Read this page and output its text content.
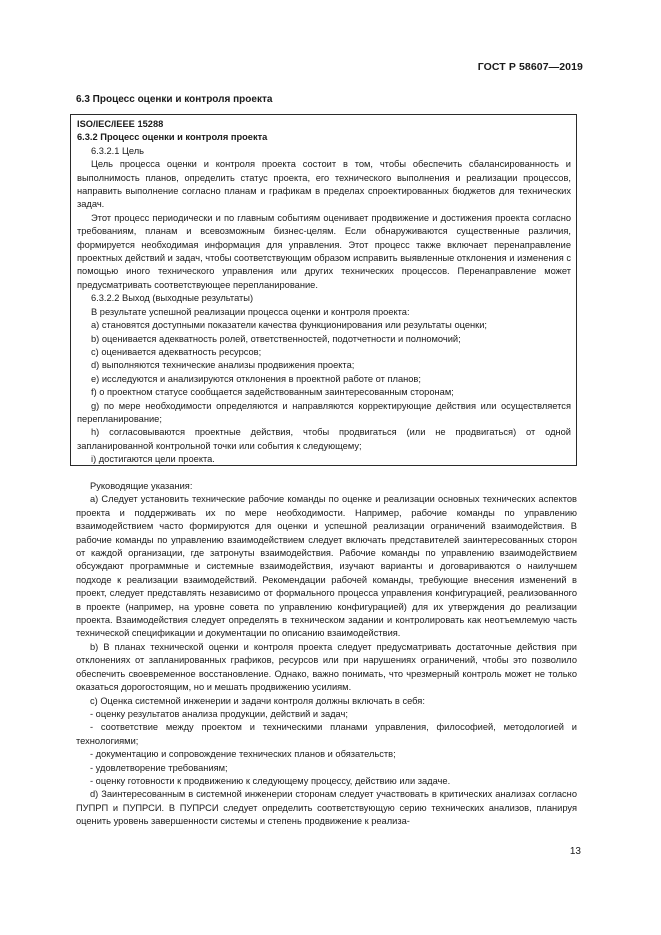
ГОСТ Р 58607—2019
6.3 Процесс оценки и контроля проекта

ISO/IEC/IEEE 15288

6.3.2 Процесс оценки и контроля проекта

6.3.2.1 Цель

Цель процесса оценки и контроля проекта состоит в том, чтобы обеспечить сбалансированность и выполнимость планов, определить статус проекта, его технического выполнения и реализации процессов, направить выполнение согласно планам и графикам в пределах спроектированных бюджетов для технических задач.

Этот процесс периодически и по главным событиям оценивает продвижение и достижения проекта согласно требованиям, планам и всевозможным бизнес-целям. Если обнаруживаются существенные различия, формируется необходимая информация для управления. Этот процесс также включает перенаправление проектных действий и задач, чтобы соответствующим образом исправить выявленные отклонения и изменения с помощью иного технического управления или других технических процессов. Перенаправление может предусматривать соответствующее перепланирование.

6.3.2.2 Выход (выходные результаты)

В результате успешной реализации процесса оценки и контроля проекта:

a) становятся доступными показатели качества функционирования или результаты оценки;

b) оценивается адекватность ролей, ответственностей, подотчетности и полномочий;

c) оценивается адекватность ресурсов;

d) выполняются технические анализы продвижения проекта;

e) исследуются и анализируются отклонения в проектной работе от планов;

f) о проектном статусе сообщается задействованным заинтересованным сторонам;

g) по мере необходимости определяются и направляются корректирующие действия или осуществляется перепланирование;

h) согласовываются проектные действия, чтобы продвигаться (или не продвигаться) от одной запланированной контрольной точки или события к следующему;

i) достигаются цели проекта.

Руководящие указания:

а) Следует установить технические рабочие команды по оценке и реализации основных технических аспектов проекта и поддерживать их по мере необходимости. Например, рабочие команды по управлению взаимодействием часто формируются для оценки и успешной реализации ограничений взаимодействия. В рабочие команды по управлению взаимодействием следует включать представителей заинтересованных сторон от каждой организации, где затронуты взаимодействия. Рабочие команды по управлению взаимодействием обсуждают программные и системные взаимодействия, изучают варианты и договариваются о наилучшем подходе к реализации взаимодействий. Рекомендации рабочей команды, требующие внесения изменений в проект, следует представлять независимо от формального процесса управления конфигурацией, реализованного в проекте (например, на уровне совета по управлению конфигурацией) для их утверждения до реализации проекта. Взаимодействия следует определять в техническом задании и контролировать как неотъемлемую часть технической спецификации и документации по описанию взаимодействия.

b) В планах технической оценки и контроля проекта следует предусматривать достаточные действия при отклонениях от запланированных графиков, ресурсов или при нарушениях ограничений, чтобы это позволило обеспечить своевременное восстановление. Однако, важно понимать, что чрезмерный контроль может не только оказаться дорогостоящим, но и мешать продвижению усилиям.

c) Оценка системной инженерии и задачи контроля должны включать в себя:

- оценку результатов анализа продукции, действий и задач;

- соответствие между проектом и техническими планами управления, философией, методологией и технологиями;

- документацию и сопровождение технических планов и обязательств;

- удовлетворение требованиям;

- оценку готовности к продвижению к следующему процессу, действию или задаче.

d) Заинтересованным в системной инженерии сторонам следует участвовать в критических анализах согласно ПУПРП и ПУПРСИ. В ПУПРСИ следует определить соответствующую серию технических анализов, планируя оценить уровень завершенности системы и степень продвижение к реализа-

13
